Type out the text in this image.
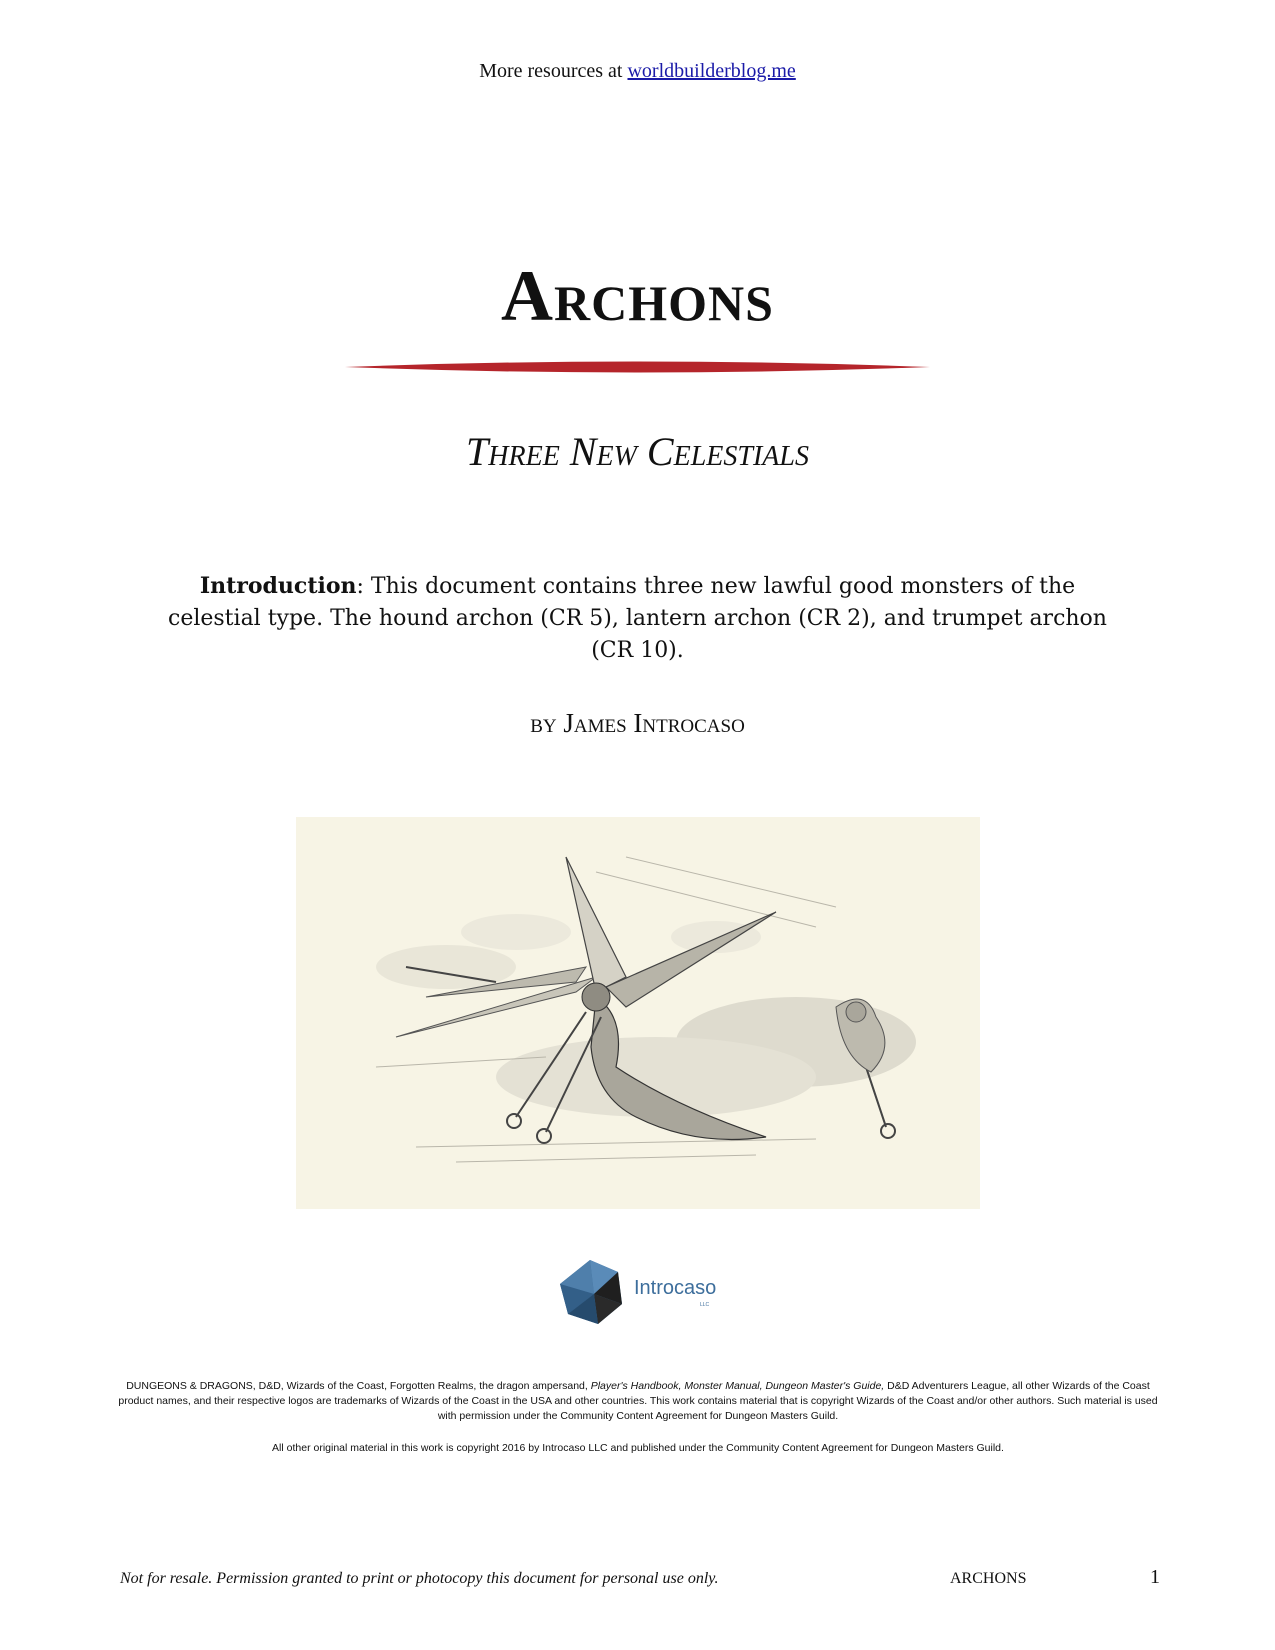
More resources at worldbuilderblog.me
Archons
Three New Celestials
Introduction: This document contains three new lawful good monsters of the celestial type. The hound archon (CR 5), lantern archon (CR 2), and trumpet archon (CR 10).
by James Introcaso
Introcaso
LLC
DUNGEONS & DRAGONS, D&D, Wizards of the Coast, Forgotten Realms, the dragon ampersand, Player's Handbook, Monster Manual, Dungeon Master's Guide, D&D Adventurers League, all other Wizards of the Coast product names, and their respective logos are trademarks of Wizards of the Coast in the USA and other countries. This work contains material that is copyright Wizards of the Coast and/or other authors. Such material is used with permission under the Community Content Agreement for Dungeon Masters Guild.
All other original material in this work is copyright 2016 by Introcaso LLC and published under the Community Content Agreement for Dungeon Masters Guild.
Not for resale. Permission granted to print or photocopy this document for personal use only.	ARCHONS	1
